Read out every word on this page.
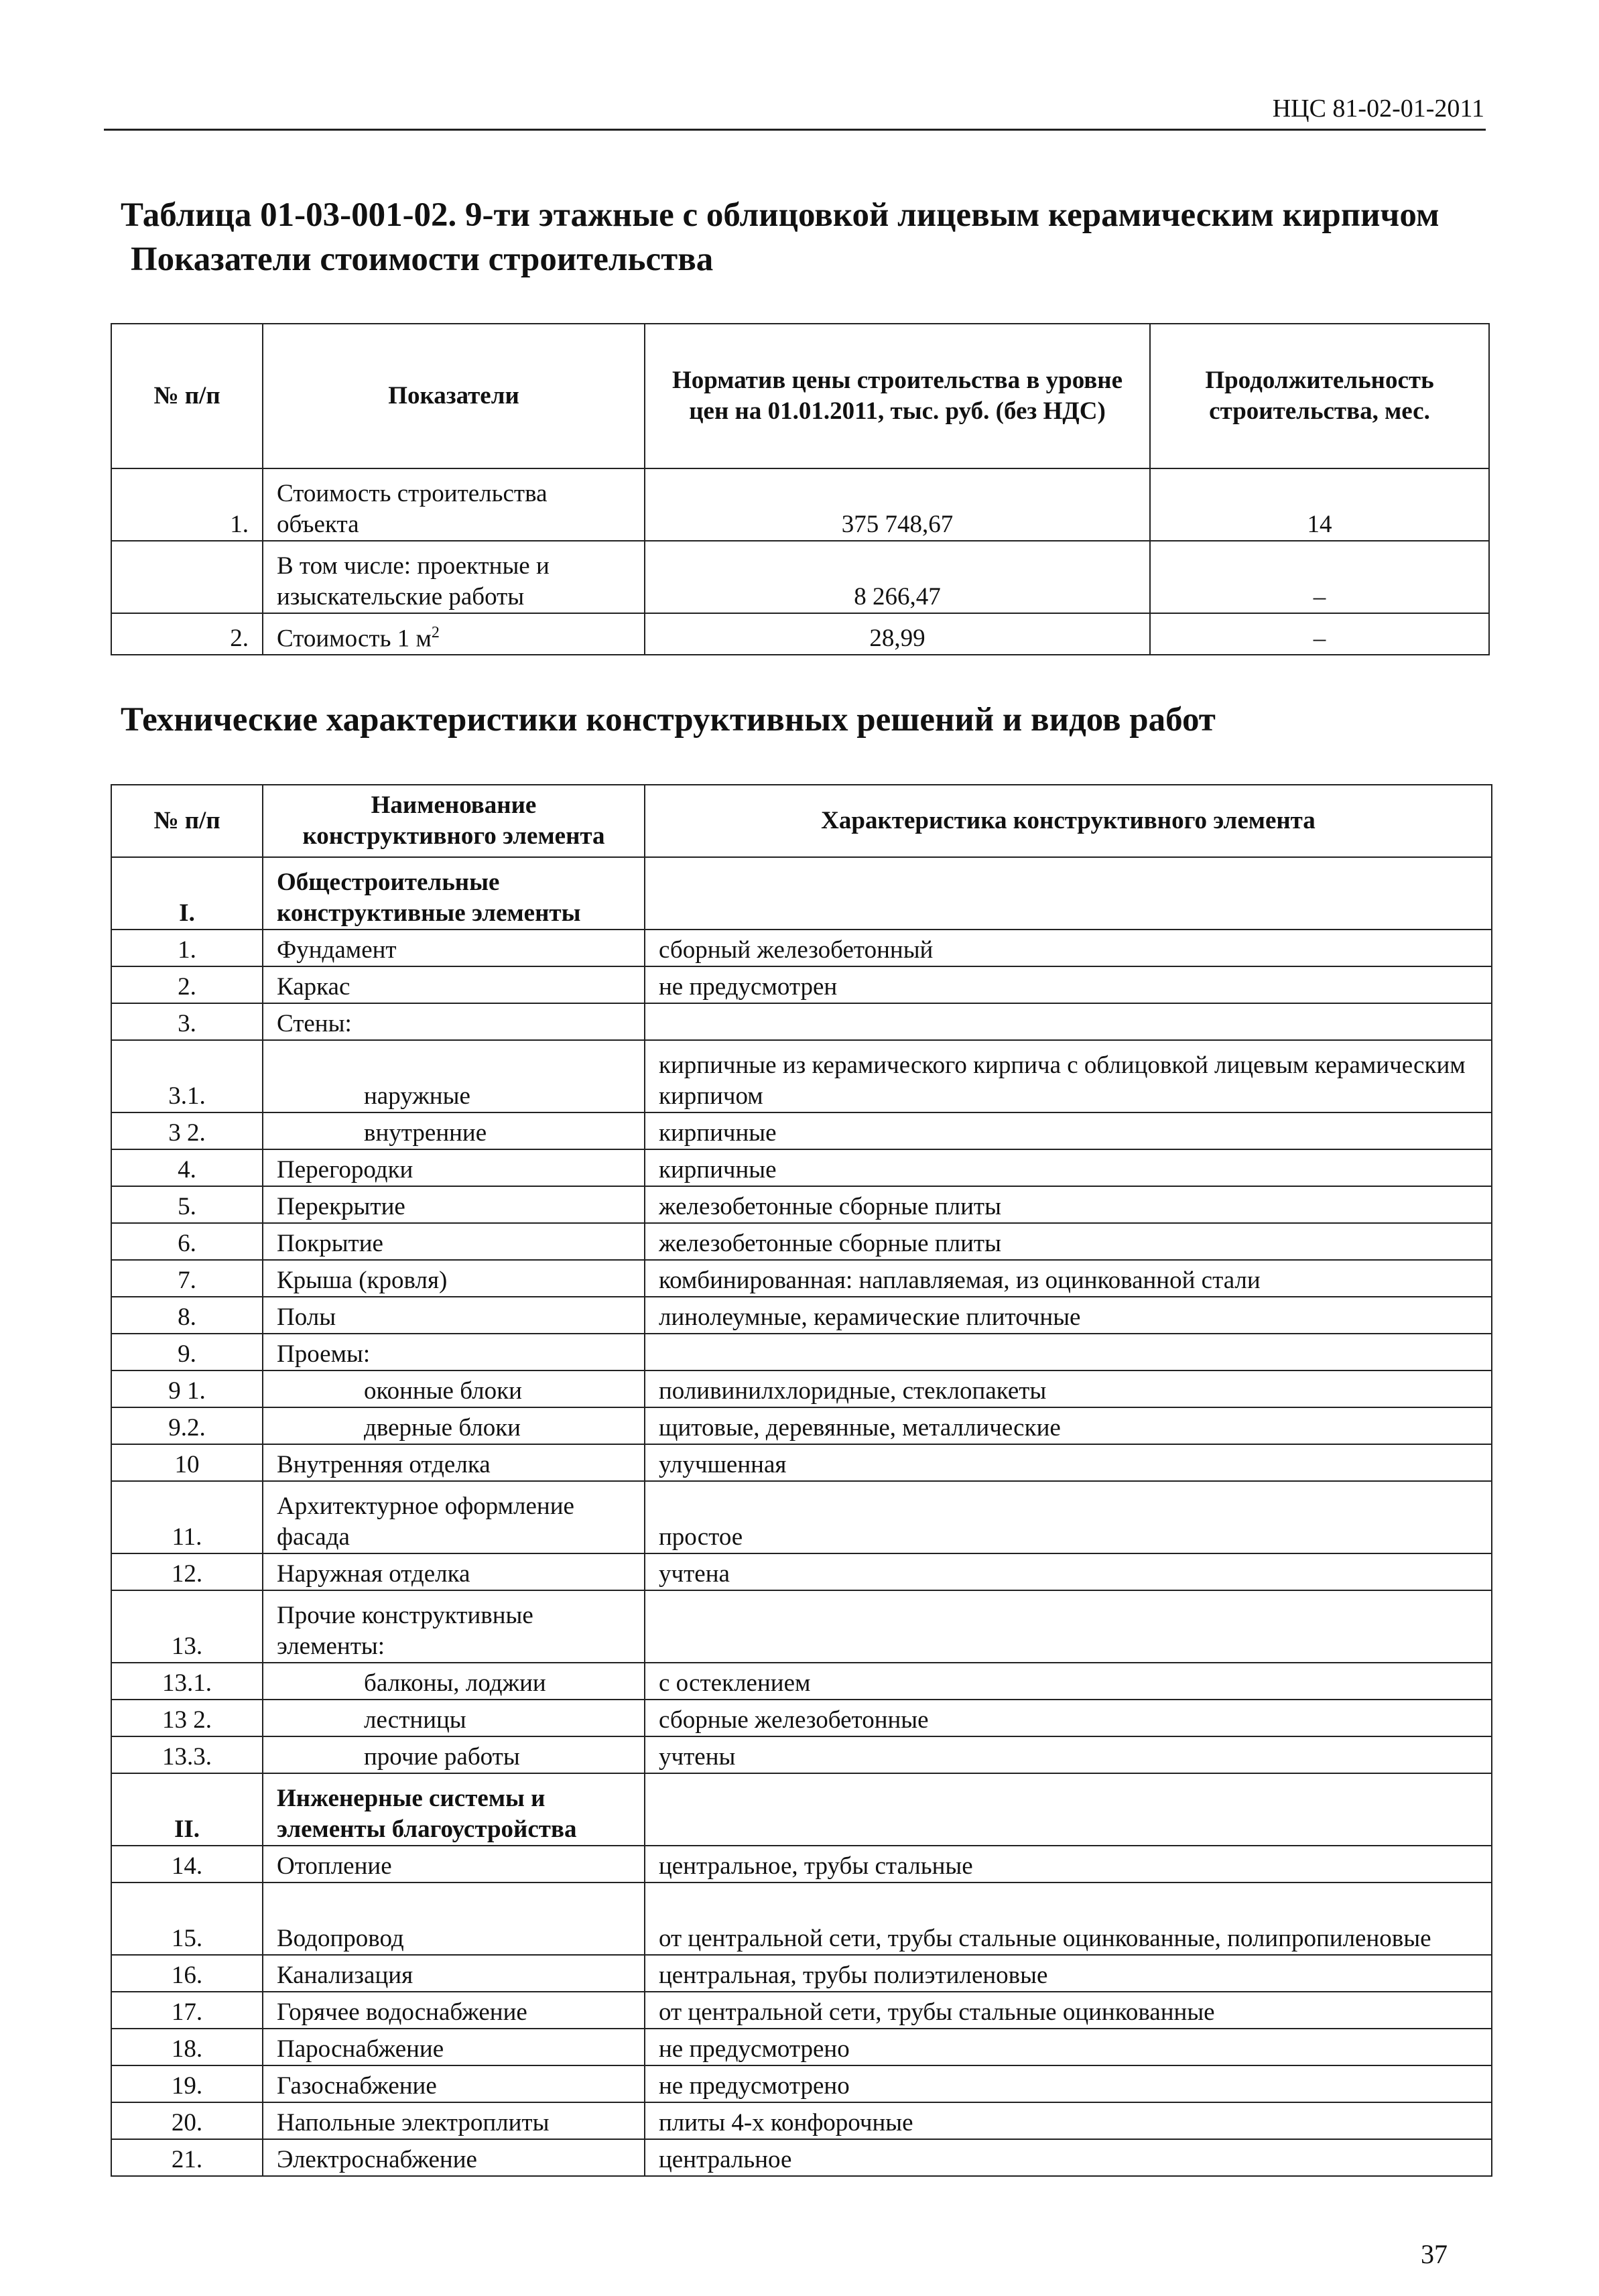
НЦС 81-02-01-2011
Таблица 01-03-001-02. 9-ти этажные с облицовкой лицевым керамическим кирпичом
Показатели стоимости строительства
№ п/п	Показатели	Норматив цены строительства в уровне цен на 01.01.2011, тыс. руб. (без НДС)	Продолжительность строительства, мес.
1.	Стоимость строительства объекта	375 748,67	14
	В том числе: проектные и изыскательские работы	8 266,47	–
2.	Стоимость 1 $м^2$	28,99	–
Технические характеристики конструктивных решений и видов работ
№ п/п	Наименование конструктивного элемента	Характеристика конструктивного элемента
I.	Общестроительные конструктивные элементы	
1.	Фундамент	сборный железобетонный
2.	Каркас	не предусмотрен
3.	Стены:	
3.1.	наружные	кирпичные из керамического кирпича с облицовкой лицевым керамическим кирпичом
3 2.	внутренние	кирпичные
4.	Перегородки	кирпичные
5.	Перекрытие	железобетонные сборные плиты
6.	Покрытие	железобетонные сборные плиты
7.	Крыша (кровля)	комбинированная: наплавляемая, из оцинкованной стали
8.	Полы	линолеумные, керамические плиточные
9.	Проемы:	
9 1.	оконные блоки	поливинилхлоридные, стеклопакеты
9.2.	дверные блоки	щитовые, деревянные, металлические
10	Внутренняя отделка	улучшенная
11.	Архитектурное оформление фасада	простое
12.	Наружная отделка	учтена
13.	Прочие конструктивные элементы:	
13.1.	балконы, лоджии	с остеклением
13 2.	лестницы	сборные железобетонные
13.3.	прочие работы	учтены
II.	Инженерные системы и элементы благоустройства	
14.	Отопление	центральное, трубы стальные
15.	Водопровод	от центральной сети, трубы стальные оцинкованные, полипропиленовые
16.	Канализация	центральная, трубы полиэтиленовые
17.	Горячее водоснабжение	от центральной сети, трубы стальные оцинкованные
18.	Пароснабжение	не предусмотрено
19.	Газоснабжение	не предусмотрено
20.	Напольные электроплиты	плиты 4-х конфорочные
21.	Электроснабжение	центральное
37
